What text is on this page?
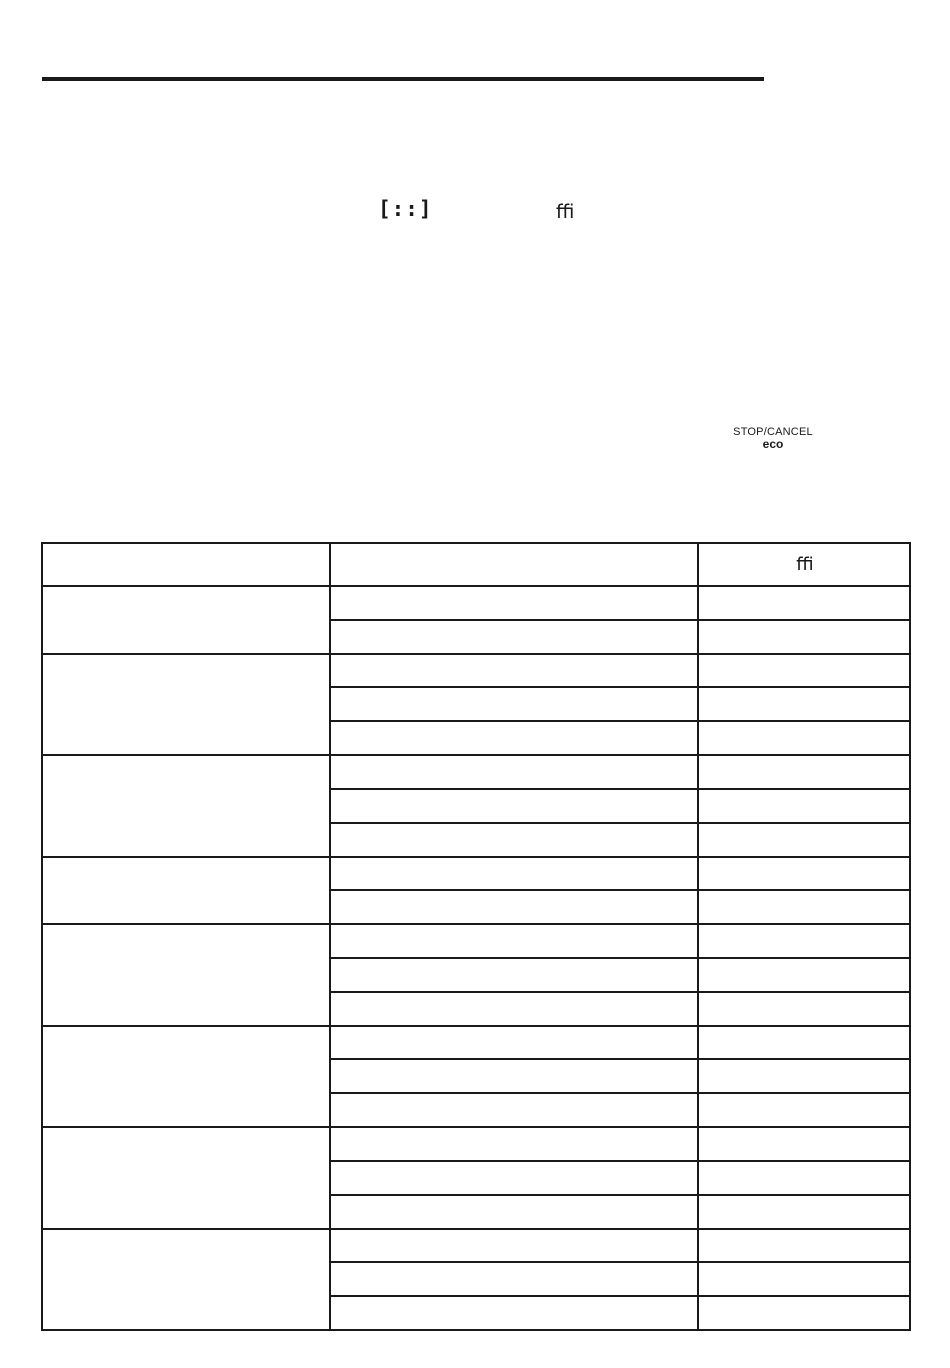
[::]	ﬃ
STOP/CANCEL
eco
ﬃ
